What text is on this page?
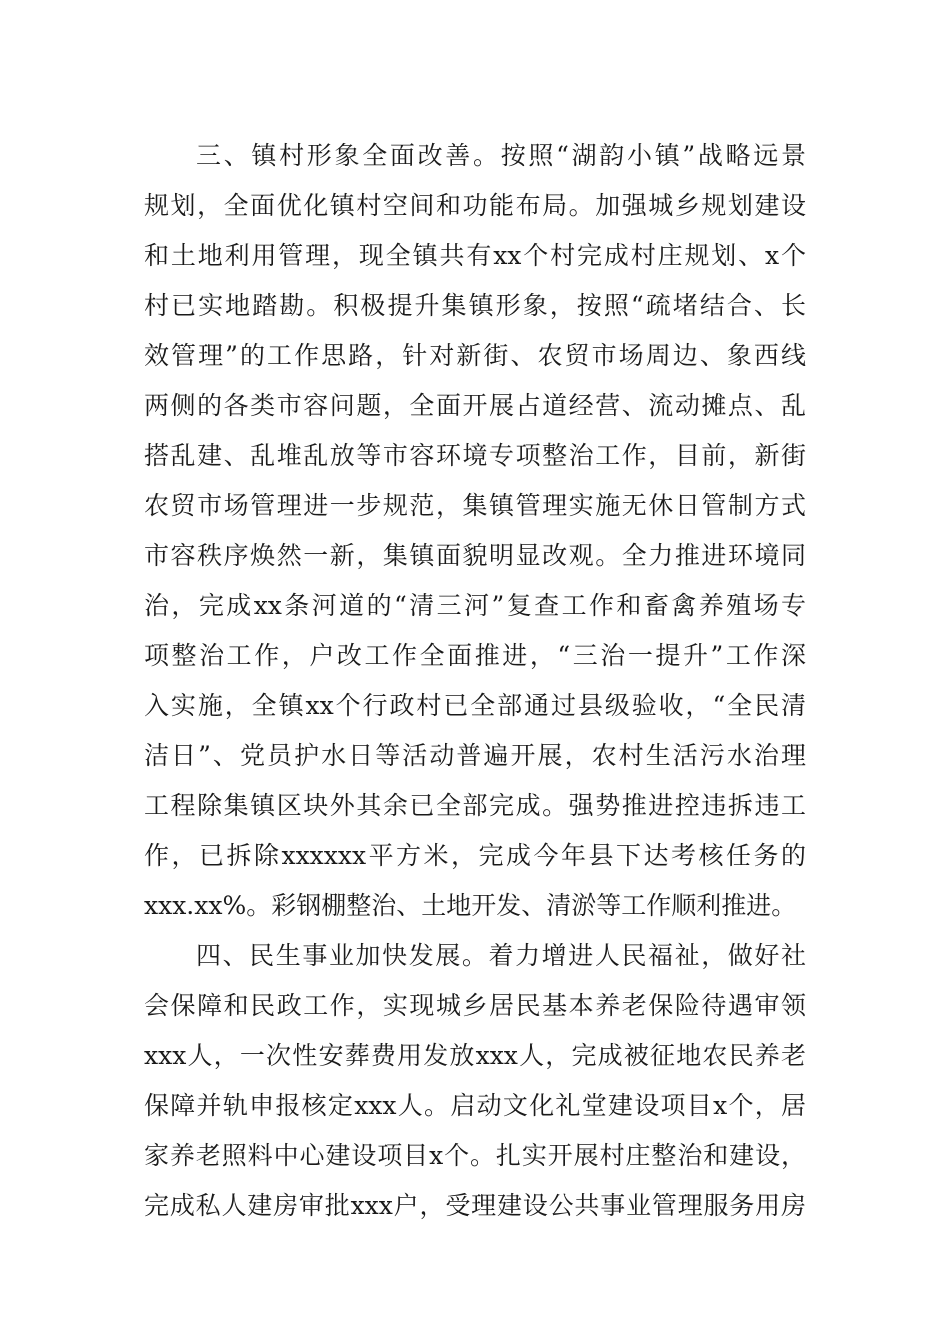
三、镇村形象全面改善。按照“湖韵小镇”战略远景
规划，全面优化镇村空间和功能布局。加强城乡规划建设
和土地利用管理，现全镇共有xx个村完成村庄规划、x个
村已实地踏勘。积极提升集镇形象，按照“疏堵结合、长
效管理”的工作思路，针对新街、农贸市场周边、象西线
两侧的各类市容问题，全面开展占道经营、流动摊点、乱
搭乱建、乱堆乱放等市容环境专项整治工作，目前，新街
农贸市场管理进一步规范，集镇管理实施无休日管制方式
市容秩序焕然一新，集镇面貌明显改观。全力推进环境同
治，完成xx条河道的“清三河”复查工作和畜禽养殖场专
项整治工作，户改工作全面推进，“三治一提升”工作深
入实施，全镇xx个行政村已全部通过县级验收，“全民清
洁日”、党员护水日等活动普遍开展，农村生活污水治理
工程除集镇区块外其余已全部完成。强势推进控违拆违工
作，已拆除xxxxxx平方米，完成今年县下达考核任务的
xxx.xx%。彩钢棚整治、土地开发、清淤等工作顺利推进。
四、民生事业加快发展。着力增进人民福祉，做好社
会保障和民政工作，实现城乡居民基本养老保险待遇审领
xxx人，一次性安葬费用发放xxx人，完成被征地农民养老
保障并轨申报核定xxx人。启动文化礼堂建设项目x个，居
家养老照料中心建设项目x个。扎实开展村庄整治和建设，
完成私人建房审批xxx户，受理建设公共事业管理服务用房
